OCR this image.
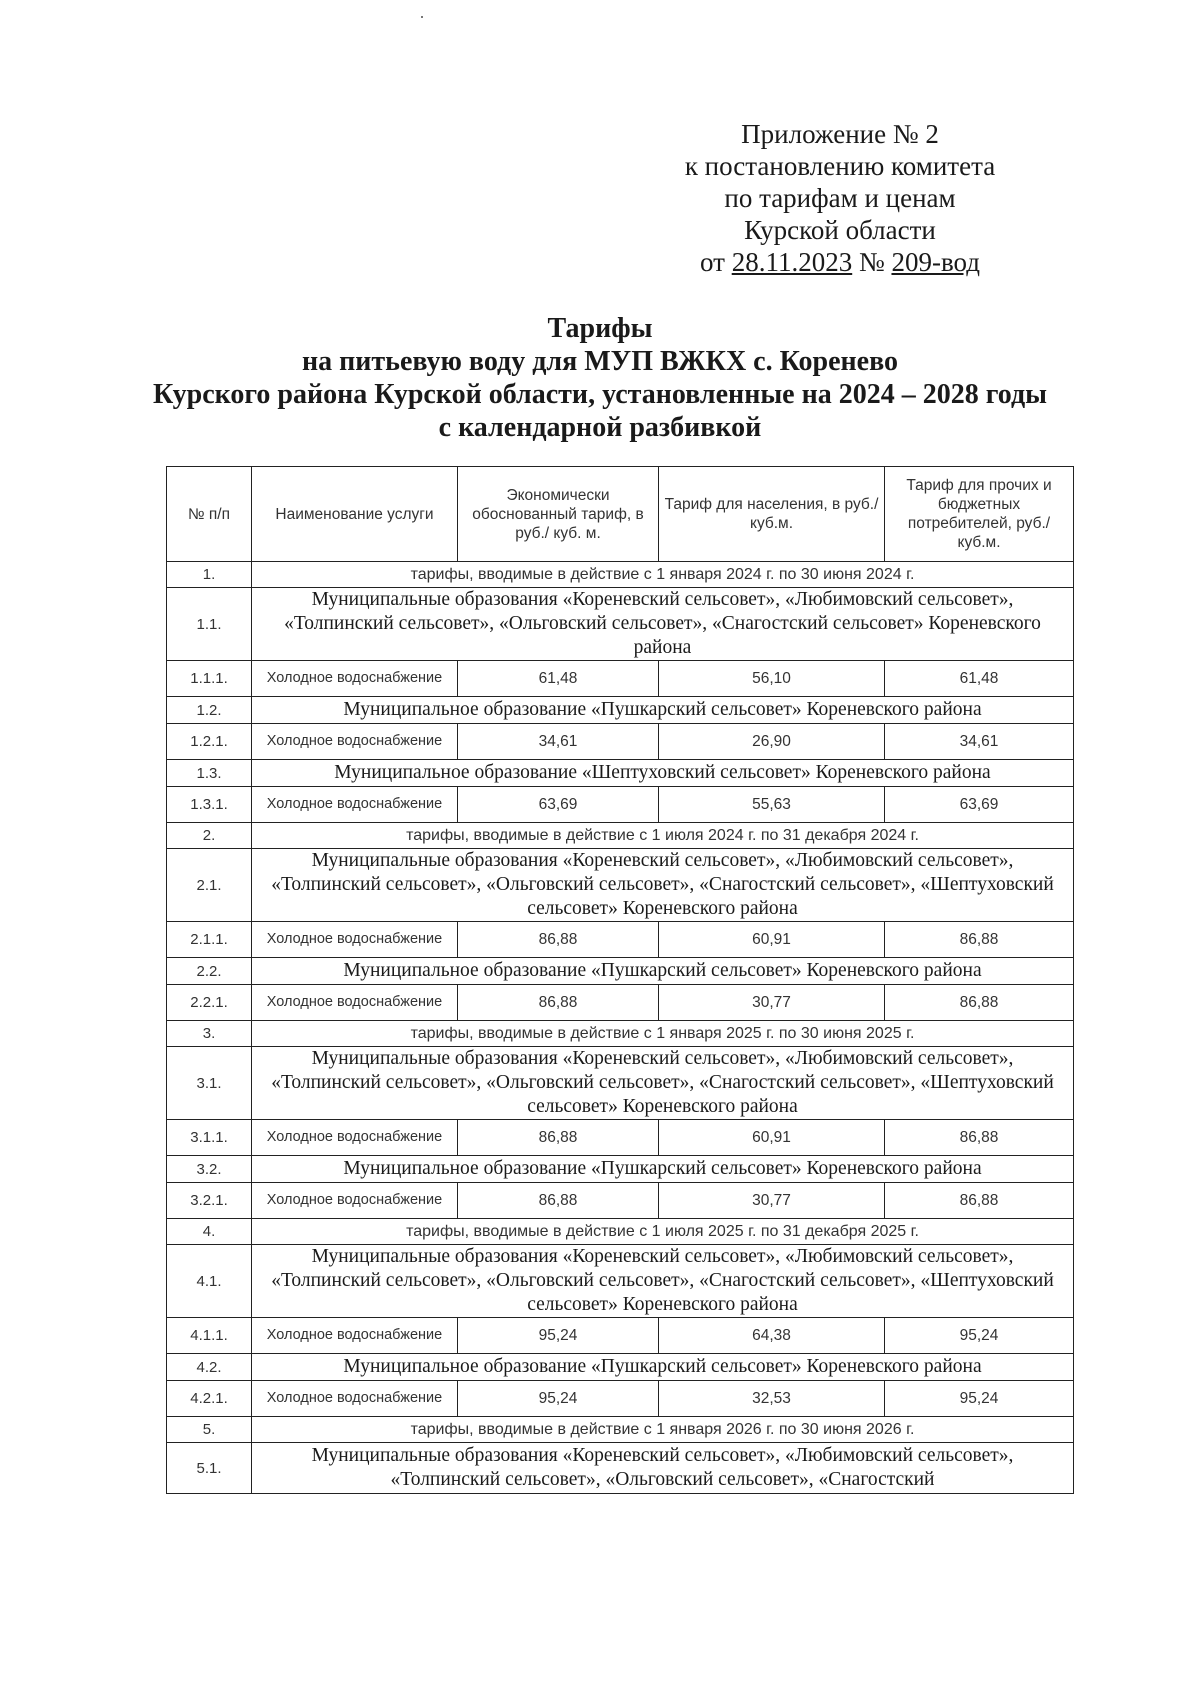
Приложение № 2
к постановлению комитета
по тарифам и ценам
Курской области
от 28.11.2023 № 209-вод
Тарифы
на питьевую воду для МУП ВЖКХ с. Коренево
Курского района Курской области, установленные на 2024 – 2028 годы
с календарной разбивкой
№ п/п	Наименование услуги	Экономически обоснованный тариф, в руб./ куб. м.	Тариф для населения, в руб./ куб.м.	Тариф для прочих и бюджетных потребителей, руб./ куб.м.
1.	тарифы, вводимые в действие с 1 января 2024 г. по 30 июня 2024 г.			
1.1.	Муниципальные образования «Кореневский сельсовет», «Любимовский сельсовет», «Толпинский сельсовет», «Ольговский сельсовет», «Снагостский сельсовет» Кореневского района			
1.1.1.	Холодное водоснабжение	61,48	56,10	61,48
1.2.	Муниципальное образование «Пушкарский сельсовет» Кореневского района			
1.2.1.	Холодное водоснабжение	34,61	26,90	34,61
1.3.	Муниципальное образование «Шептуховский сельсовет» Кореневского района			
1.3.1.	Холодное водоснабжение	63,69	55,63	63,69
2.	тарифы, вводимые в действие с 1 июля 2024 г. по 31 декабря 2024 г.			
2.1.	Муниципальные образования «Кореневский сельсовет», «Любимовский сельсовет», «Толпинский сельсовет», «Ольговский сельсовет», «Снагостский сельсовет», «Шептуховский сельсовет» Кореневского района			
2.1.1.	Холодное водоснабжение	86,88	60,91	86,88
2.2.	Муниципальное образование «Пушкарский сельсовет» Кореневского района			
2.2.1.	Холодное водоснабжение	86,88	30,77	86,88
3.	тарифы, вводимые в действие с 1 января 2025 г. по 30 июня 2025 г.			
3.1.	Муниципальные образования «Кореневский сельсовет», «Любимовский сельсовет», «Толпинский сельсовет», «Ольговский сельсовет», «Снагостский сельсовет», «Шептуховский сельсовет» Кореневского района			
3.1.1.	Холодное водоснабжение	86,88	60,91	86,88
3.2.	Муниципальное образование «Пушкарский сельсовет» Кореневского района			
3.2.1.	Холодное водоснабжение	86,88	30,77	86,88
4.	тарифы, вводимые в действие с 1 июля 2025 г. по 31 декабря 2025 г.			
4.1.	Муниципальные образования «Кореневский сельсовет», «Любимовский сельсовет», «Толпинский сельсовет», «Ольговский сельсовет», «Снагостский сельсовет», «Шептуховский сельсовет» Кореневского района			
4.1.1.	Холодное водоснабжение	95,24	64,38	95,24
4.2.	Муниципальное образование «Пушкарский сельсовет» Кореневского района			
4.2.1.	Холодное водоснабжение	95,24	32,53	95,24
5.	тарифы, вводимые в действие с 1 января 2026 г. по 30 июня 2026 г.			
5.1.	Муниципальные образования «Кореневский сельсовет», «Любимовский сельсовет», «Толпинский сельсовет», «Ольговский сельсовет», «Снагостский			
